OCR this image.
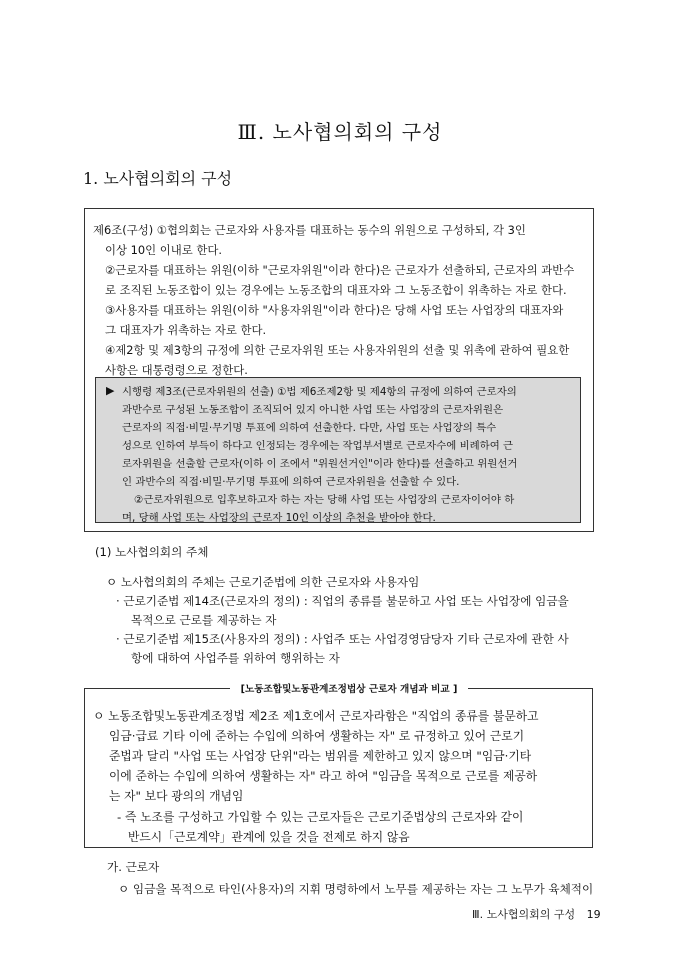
Ⅲ. 노사협의회의 구성
1. 노사협의회의 구성
제6조(구성) ①협의회는 근로자와 사용자를 대표하는 동수의 위원으로 구성하되, 각 3인
이상 10인 이내로 한다.
②근로자를 대표하는 위원(이하 "근로자위원"이라 한다)은 근로자가 선출하되, 근로자의 과반수
로 조직된 노동조합이 있는 경우에는 노동조합의 대표자와 그 노동조합이 위촉하는 자로 한다.
③사용자를 대표하는 위원(이하 "사용자위원"이라 한다)은 당해 사업 또는 사업장의 대표자와
그 대표자가 위촉하는 자로 한다.
④제2항 및 제3항의 규정에 의한 근로자위원 또는 사용자위원의 선출 및 위촉에 관하여 필요한
사항은 대통령령으로 정한다.
▶ 시행령 제3조(근로자위원의 선출) ①법 제6조제2항 및 제4항의 규정에 의하여 근로자의
과반수로 구성된 노동조합이 조직되어 있지 아니한 사업 또는 사업장의 근로자위원은
근로자의 직접·비밀·무기명 투표에 의하여 선출한다. 다만, 사업 또는 사업장의 특수
성으로 인하여 부득이 하다고 인정되는 경우에는 작업부서별로 근로자수에 비례하여 근
로자위원을 선출할 근로자(이하 이 조에서 "위원선거인"이라 한다)를 선출하고 위원선거
인 과반수의 직접·비밀·무기명 투표에 의하여 근로자위원을 선출할 수 있다.
②근로자위원으로 입후보하고자 하는 자는 당해 사업 또는 사업장의 근로자이어야 하
며, 당해 사업 또는 사업장의 근로자 10인 이상의 추천을 받아야 한다.
(1) 노사협의회의 주체
ㅇ 노사협의회의 주체는 근로기준법에 의한 근로자와 사용자임
· 근로기준법 제14조(근로자의 정의) : 직업의 종류를 불문하고 사업 또는 사업장에 임금을
목적으로 근로를 제공하는 자
· 근로기준법 제15조(사용자의 정의) : 사업주 또는 사업경영담당자 기타 근로자에 관한 사
항에 대하여 사업주를 위하여 행위하는 자
[노동조합및노동관계조정법상 근로자 개념과 비교 ]
ㅇ 노동조합및노동관계조정법 제2조 제1호에서 근로자라함은 "직업의 종류를 불문하고
임금·급료 기타 이에 준하는 수입에 의하여 생활하는 자" 로 규정하고 있어 근로기
준법과 달리 "사업 또는 사업장 단위"라는 범위를 제한하고 있지 않으며 "임금·기타
이에 준하는 수입에 의하여 생활하는 자" 라고 하여 "임금을 목적으로 근로를 제공하
는 자" 보다 광의의 개념임
- 즉 노조를 구성하고 가입할 수 있는 근로자들은 근로기준법상의 근로자와 같이
반드시「근로계약」관계에 있을 것을 전제로 하지 않음
가. 근로자
ㅇ 임금을 목적으로 타인(사용자)의 지휘 명령하에서 노무를 제공하는 자는 그 노무가 육체적이
Ⅲ. 노사협의회의 구성 19
